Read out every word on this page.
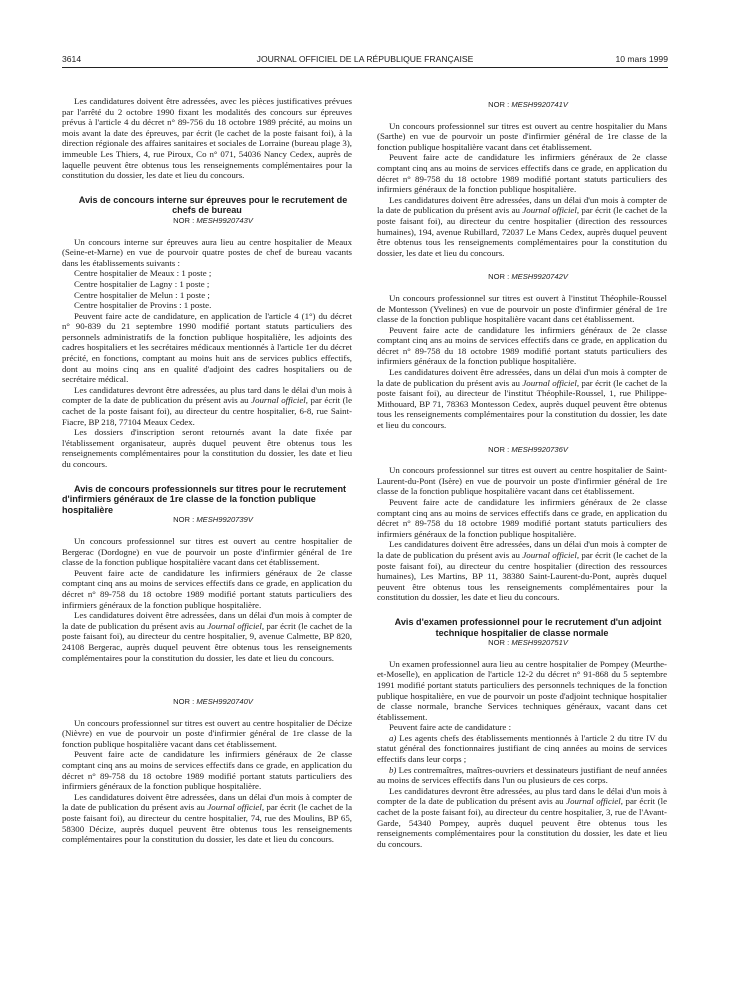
3614	JOURNAL OFFICIEL DE LA RÉPUBLIQUE FRANÇAISE	10 mars 1999

Les candidatures doivent être adressées, avec les pièces justificatives prévues par l'arrêté du 2 octobre 1990 fixant les modalités des concours sur épreuves prévus à l'article 4 du décret n° 89-756 du 18 octobre 1989 précité, au moins un mois avant la date des épreuves, par écrit (le cachet de la poste faisant foi), à la direction régionale des affaires sanitaires et sociales de Lorraine (bureau plage 3), immeuble Les Thiers, 4, rue Piroux, Co n° 071, 54036 Nancy Cedex, auprès de laquelle peuvent être obtenus tous les renseignements complémentaires pour la constitution du dossier, les date et lieu du concours.

Avis de concours interne sur épreuves pour le recrutement de chefs de bureau

NOR : MESH9920743V

Un concours interne sur épreuves aura lieu au centre hospitalier de Meaux (Seine-et-Marne) en vue de pourvoir quatre postes de chef de bureau vacants dans les établissements suivants :

Centre hospitalier de Meaux : 1 poste ;

Centre hospitalier de Lagny : 1 poste ;

Centre hospitalier de Melun : 1 poste ;

Centre hospitalier de Provins : 1 poste.

Peuvent faire acte de candidature, en application de l'article 4 (1°) du décret n° 90-839 du 21 septembre 1990 modifié portant statuts particuliers des personnels administratifs de la fonction publique hospitalière, les adjoints des cadres hospitaliers et les secrétaires médicaux mentionnés à l'article 1er du décret précité, en fonctions, comptant au moins huit ans de services publics effectifs, dont au moins cinq ans en qualité d'adjoint des cadres hospitaliers ou de secrétaire médical.

Les candidatures devront être adressées, au plus tard dans le délai d'un mois à compter de la date de publication du présent avis au Journal officiel, par écrit (le cachet de la poste faisant foi), au directeur du centre hospitalier, 6-8, rue Saint-Fiacre, BP 218, 77104 Meaux Cedex.

Les dossiers d'inscription seront retournés avant la date fixée par l'établissement organisateur, auprès duquel peuvent être obtenus tous les renseignements complémentaires pour la constitution du dossier, les date et lieu du concours.

Avis de concours professionnels sur titres pour le recrutement d'infirmiers généraux de 1re classe de la fonction publique hospitalière

NOR : MESH9920739V

Un concours professionnel sur titres est ouvert au centre hospitalier de Bergerac (Dordogne) en vue de pourvoir un poste d'infirmier général de 1re classe de la fonction publique hospitalière vacant dans cet établissement.

Peuvent faire acte de candidature les infirmiers généraux de 2e classe comptant cinq ans au moins de services effectifs dans ce grade, en application du décret n° 89-758 du 18 octobre 1989 modifié portant statuts particuliers des infirmiers généraux de la fonction publique hospitalière.

Les candidatures doivent être adressées, dans un délai d'un mois à compter de la date de publication du présent avis au Journal officiel, par écrit (le cachet de la poste faisant foi), au directeur du centre hospitalier, 9, avenue Calmette, BP 820, 24108 Bergerac, auprès duquel peuvent être obtenus tous les renseignements complémentaires pour la constitution du dossier, les date et lieu du concours.

NOR : MESH9920740V

Un concours professionnel sur titres est ouvert au centre hospitalier de Décize (Nièvre) en vue de pourvoir un poste d'infirmier général de 1re classe de la fonction publique hospitalière vacant dans cet établissement.

Peuvent faire acte de candidature les infirmiers généraux de 2e classe comptant cinq ans au moins de services effectifs dans ce grade, en application du décret n° 89-758 du 18 octobre 1989 modifié portant statuts particuliers des infirmiers généraux de la fonction publique hospitalière.

Les candidatures doivent être adressées, dans un délai d'un mois à compter de la date de publication du présent avis au Journal officiel, par écrit (le cachet de la poste faisant foi), au directeur du centre hospitalier, 74, rue des Moulins, BP 65, 58300 Décize, auprès duquel peuvent être obtenus tous les renseignements complémentaires pour la constitution du dossier, les date et lieu du concours.

NOR : MESH9920741V

Un concours professionnel sur titres est ouvert au centre hospitalier du Mans (Sarthe) en vue de pourvoir un poste d'infirmier général de 1re classe de la fonction publique hospitalière vacant dans cet établissement.

Peuvent faire acte de candidature les infirmiers généraux de 2e classe comptant cinq ans au moins de services effectifs dans ce grade, en application du décret n° 89-758 du 18 octobre 1989 modifié portant statuts particuliers des infirmiers généraux de la fonction publique hospitalière.

Les candidatures doivent être adressées, dans un délai d'un mois à compter de la date de publication du présent avis au Journal officiel, par écrit (le cachet de la poste faisant foi), au directeur du centre hospitalier (direction des ressources humaines), 194, avenue Rubillard, 72037 Le Mans Cedex, auprès duquel peuvent être obtenus tous les renseignements complémentaires pour la constitution du dossier, les date et lieu du concours.

NOR : MESH9920742V

Un concours professionnel sur titres est ouvert à l'institut Théophile-Roussel de Montesson (Yvelines) en vue de pourvoir un poste d'infirmier général de 1re classe de la fonction publique hospitalière vacant dans cet établissement.

Peuvent faire acte de candidature les infirmiers généraux de 2e classe comptant cinq ans au moins de services effectifs dans ce grade, en application du décret n° 89-758 du 18 octobre 1989 modifié portant statuts particuliers des infirmiers généraux de la fonction publique hospitalière.

Les candidatures doivent être adressées, dans un délai d'un mois à compter de la date de publication du présent avis au Journal officiel, par écrit (le cachet de la poste faisant foi), au directeur de l'institut Théophile-Roussel, 1, rue Philippe-Mithouard, BP 71, 78363 Montesson Cedex, auprès duquel peuvent être obtenus tous les renseignements complémentaires pour la constitution du dossier, les date et lieu du concours.

NOR : MESH9920736V

Un concours professionnel sur titres est ouvert au centre hospitalier de Saint-Laurent-du-Pont (Isère) en vue de pourvoir un poste d'infirmier général de 1re classe de la fonction publique hospitalière vacant dans cet établissement.

Peuvent faire acte de candidature les infirmiers généraux de 2e classe comptant cinq ans au moins de services effectifs dans ce grade, en application du décret n° 89-758 du 18 octobre 1989 modifié portant statuts particuliers des infirmiers généraux de la fonction publique hospitalière.

Les candidatures doivent être adressées, dans un délai d'un mois à compter de la date de publication du présent avis au Journal officiel, par écrit (le cachet de la poste faisant foi), au directeur du centre hospitalier (direction des ressources humaines), Les Martins, BP 11, 38380 Saint-Laurent-du-Pont, auprès duquel peuvent être obtenus tous les renseignements complémentaires pour la constitution du dossier, les date et lieu du concours.

Avis d'examen professionnel pour le recrutement d'un adjoint technique hospitalier de classe normale

NOR : MESH9920751V

Un examen professionnel aura lieu au centre hospitalier de Pompey (Meurthe-et-Moselle), en application de l'article 12-2 du décret n° 91-868 du 5 septembre 1991 modifié portant statuts particuliers des personnels techniques de la fonction publique hospitalière, en vue de pourvoir un poste d'adjoint technique hospitalier de classe normale, branche Services techniques généraux, vacant dans cet établissement.

Peuvent faire acte de candidature :

a) Les agents chefs des établissements mentionnés à l'article 2 du titre IV du statut général des fonctionnaires justifiant de cinq années au moins de services effectifs dans leur corps ;

b) Les contremaîtres, maîtres-ouvriers et dessinateurs justifiant de neuf années au moins de services effectifs dans l'un ou plusieurs de ces corps.

Les candidatures devront être adressées, au plus tard dans le délai d'un mois à compter de la date de publication du présent avis au Journal officiel, par écrit (le cachet de la poste faisant foi), au directeur du centre hospitalier, 3, rue de l'Avant-Garde, 54340 Pompey, auprès duquel peuvent être obtenus tous les renseignements complémentaires pour la constitution du dossier, les date et lieu du concours.
